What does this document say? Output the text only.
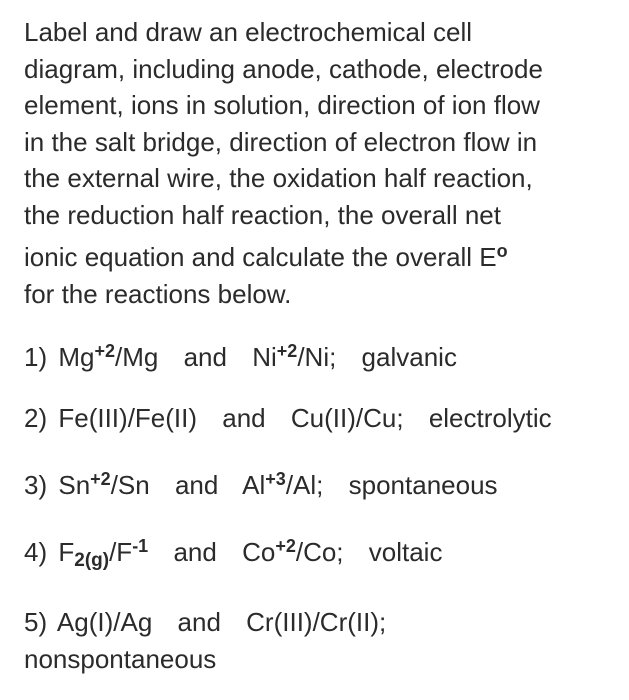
Label and draw an electrochemical cell
diagram, including anode, cathode, electrode
element, ions in solution, direction of ion flow
in the salt bridge, direction of electron flow in
the external wire, the oxidation half reaction,
the reduction half reaction, the overall net
ionic equation and calculate the overall $E^o$
for the reactions below.
1) $Mg^{+2}/Mg$ and $Ni^{+2}/Ni$; galvanic
2) Fe(III)/Fe(II) and Cu(II)/Cu; electrolytic
3) $Sn^{+2}/Sn$ and $Al^{+3}/Al$; spontaneous
4) $F_{2(g)}/F^{-1}$ and $Co^{+2}/Co$; voltaic
5) Ag(I)/Ag and Cr(III)/Cr(II);
nonspontaneous
